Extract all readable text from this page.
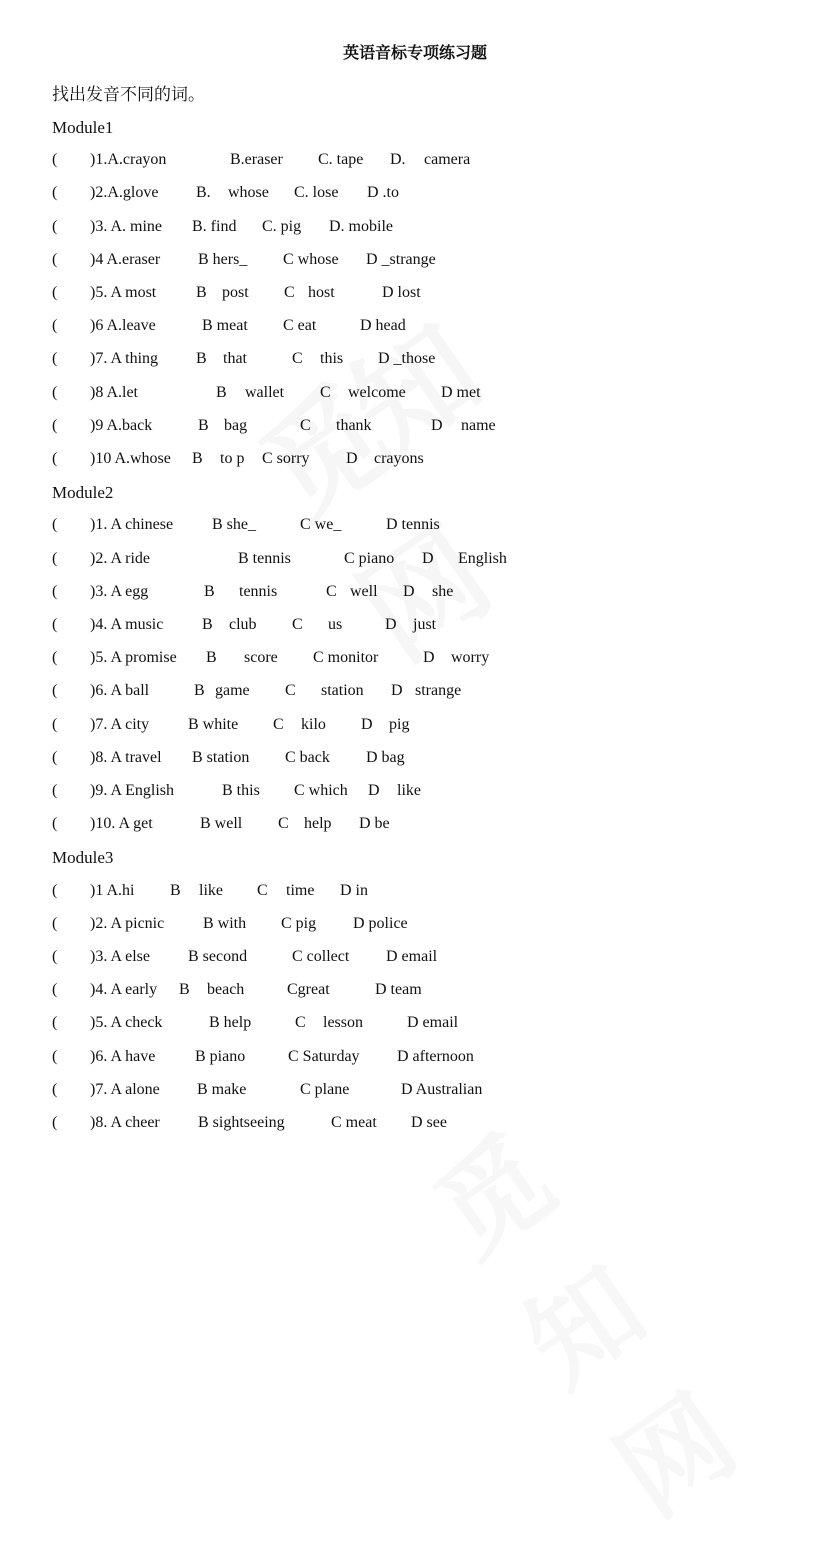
英语音标专项练习题
找出发音不同的词。
Module1
( )1.A.crayon	B.eraser C. tape D. camera
( )2.A.glove B. whose C. lose D .to
( )3. A. mine B. find C. pig D. mobile
( )4 A.eraser B hers_ C whose D _strange
( )5. A most B post C host	D lost
( )6 A.leave	B meat C eat	D head
( )7. A thing B that	C this D _those
( )8 A.let	B wallet C welcome D met
( )9 A.back	B bag	C thank	D name
( )10 A.whose B to p C sorry D crayons
Module2
( )1. A chinese B she_	C we_	D tennis
( )2. A ride	B tennis	C piano D English
( )3. A egg	B tennis	C well D she
( )4. A music B club C us	D just
( )5. A promise B score C monitor	D worry
( )6. A ball	B game C station D strange
( )7. A city B white C kilo D pig
( )8. A travel B station C back D bag
( )9. A English	B this C which D like
( )10. A get	B well C help D be
Module3
( )1 A.hi B like C time D in
( )2. A picnic B with C pig D police
( )3. A else B second	C collect D email
( )4. A early B beach	Cgreat	D team
( )5. A check	B help	C lesson	D email
( )6. A have B piano	C Saturday D afternoon
( )7. A alone B make	C plane	D Australian
( )8. A cheer B sightseeing	C meat D see
